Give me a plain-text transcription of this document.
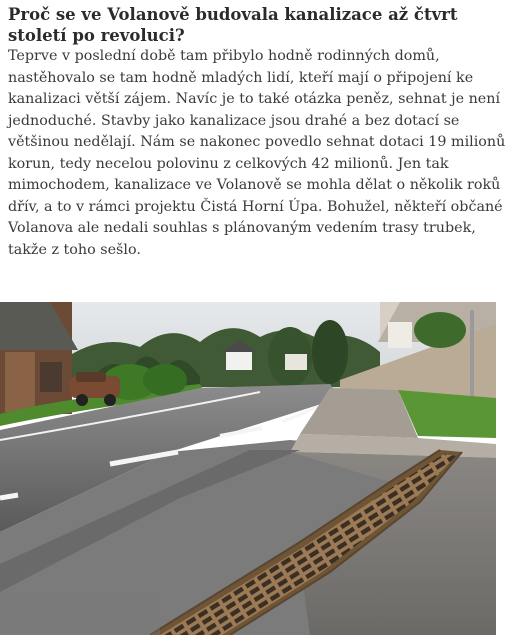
Proč se ve Volanově budovala kanalizace až čtvrt století po revoluci?

Teprve v poslední době tam přibylo hodně rodinných domů, nastěhovalo se tam hodně mladých lidí, kteří mají o připojení ke kanalizaci větší zájem. Navíc je to také otázka peněz, sehnat je není jednoduché. Stavby jako kanalizace jsou drahé a bez dotací se většinou nedělají. Nám se nakonec povedlo sehnat dotaci 19 milionů korun, tedy necelou polovinu z celkových 42 milionů. Jen tak mimochodem, kanalizace ve Volanově se mohla dělat o několik roků dřív, a to v rámci projektu Čistá Horní Úpa. Bohužel, někteří občané Volanova ale nedali souhlas s plánovaným vedením trasy trubek, takže z toho sešlo.
